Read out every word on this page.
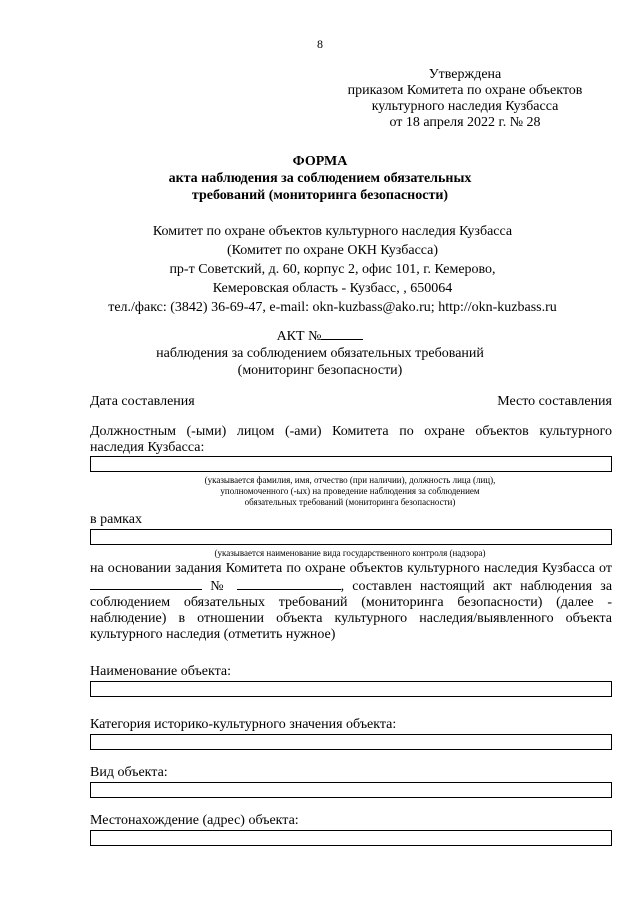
8
Утверждена
приказом Комитета по охране объектов
культурного наследия Кузбасса
от 18 апреля 2022 г. № 28
ФОРМА
акта наблюдения за соблюдением обязательных
требований (мониторинга безопасности)
Комитет по охране объектов культурного наследия Кузбасса
(Комитет по охране ОКН Кузбасса)
пр-т Советский, д. 60, корпус 2, офис 101, г. Кемерово,
Кемеровская область - Кузбасс, , 650064
тел./факс: (3842) 36-69-47, e-mail: okn-kuzbass@ako.ru; http://okn-kuzbass.ru
АКТ №
наблюдения за соблюдением обязательных требований
(мониторинг безопасности)
Дата составления	Место составления
Должностным (-ыми) лицом (-ами) Комитета по охране объектов культурного наследия Кузбасса:
(указывается фамилия, имя, отчество (при наличии), должность лица (лиц),
уполномоченного (-ых) на проведение наблюдения за соблюдением
обязательных требований (мониторинга безопасности)
в рамках
(указывается наименование вида государственного контроля (надзора)
на основании задания Комитета по охране объектов культурного наследия Кузбасса от  №	, составлен настоящий акт наблюдения за соблюдением обязательных требований (мониторинга безопасности) (далее - наблюдение) в отношении объекта культурного наследия/выявленного объекта культурного наследия (отметить нужное)
Наименование объекта:
Категория историко-культурного значения объекта:
Вид объекта:
Местонахождение (адрес) объекта:
